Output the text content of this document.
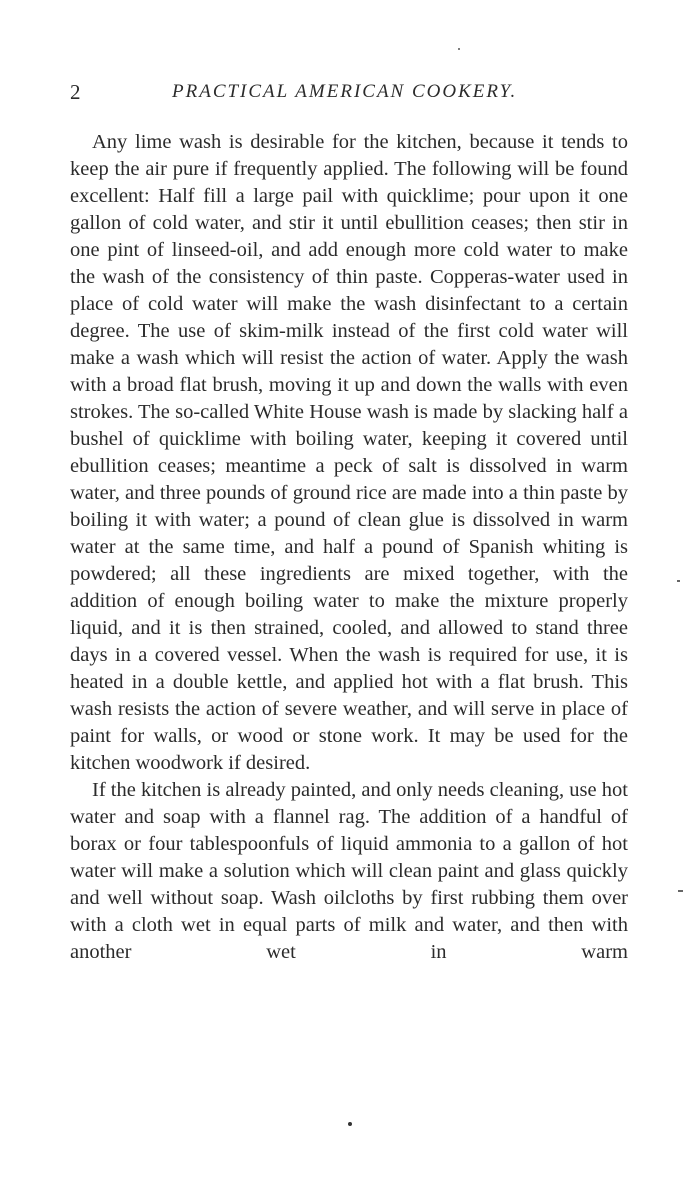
2	PRACTICAL AMERICAN COOKERY.

Any lime wash is desirable for the kitchen, because it tends to keep the air pure if frequently applied. The following will be found excellent: Half fill a large pail with quicklime; pour upon it one gallon of cold water, and stir it until ebullition ceases; then stir in one pint of linseed-oil, and add enough more cold water to make the wash of the consistency of thin paste. Copperas-water used in place of cold water will make the wash disinfectant to a certain degree. The use of skim-milk instead of the first cold water will make a wash which will resist the action of water. Apply the wash with a broad flat brush, moving it up and down the walls with even strokes. The so-called White House wash is made by slacking half a bushel of quicklime with boiling water, keeping it covered until ebullition ceases; meantime a peck of salt is dissolved in warm water, and three pounds of ground rice are made into a thin paste by boiling it with water; a pound of clean glue is dissolved in warm water at the same time, and half a pound of Spanish whiting is powdered; all these ingredients are mixed together, with the addition of enough boiling water to make the mixture properly liquid, and it is then strained, cooled, and allowed to stand three days in a covered vessel. When the wash is required for use, it is heated in a double kettle, and applied hot with a flat brush. This wash resists the action of severe weather, and will serve in place of paint for walls, or wood or stone work. It may be used for the kitchen woodwork if desired.

If the kitchen is already painted, and only needs cleaning, use hot water and soap with a flannel rag. The addition of a handful of borax or four tablespoonfuls of liquid ammonia to a gallon of hot water will make a solution which will clean paint and glass quickly and well without soap. Wash oilcloths by first rubbing them over with a cloth wet in equal parts of milk and water, and then with another wet in warm
